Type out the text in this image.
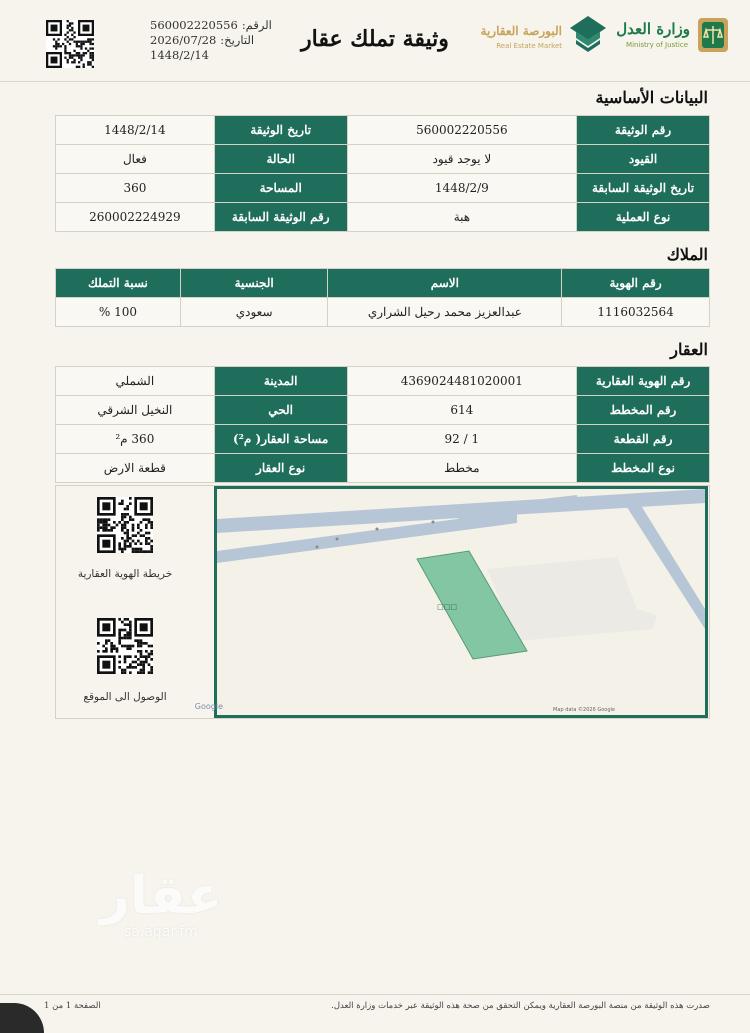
وزارة العدل
Ministry of Justice
البورصة العقارية
Real Estate Market
وثيقة تملك عقار
الرقم:
560002220556
التاريخ:
2026/07/28
1448/2/14
البيانات الأساسية
رقم الوثيقة	560002220556	تاريخ الوثيقة	1448/2/14
القيود	لا يوجد قيود	الحالة	فعال
تاريخ الوثيقة السابقة	1448/2/9	المساحة	360
نوع العملية	هبة	رقم الوثيقة السابقة	260002224929
الملاك
رقم الهوية	الاسم	الجنسية	نسبة التملك
1116032564	عبدالعزيز محمد رحيل الشراري	سعودي	100 %
العقار
رقم الهوية العقارية	4369024481020001	المدينة	الشملي
رقم المخطط	614	الحي	النخيل الشرقي
رقم القطعة	1 / 92	مساحة العقار( م²)	360 م²
نوع المخطط	مخطط	نوع العقار	قطعة الارض
□□□
Google	Map data ©2026 Google
خريطة الهوية العقارية
الوصول الى الموقع
عقار
sa.aqar.fm
صدرت هذه الوثيقة من منصة البورصة العقارية ويمكن التحقق من صحة هذه الوثيقة عبر خدمات وزارة العدل.
الصفحة 1 من 1
